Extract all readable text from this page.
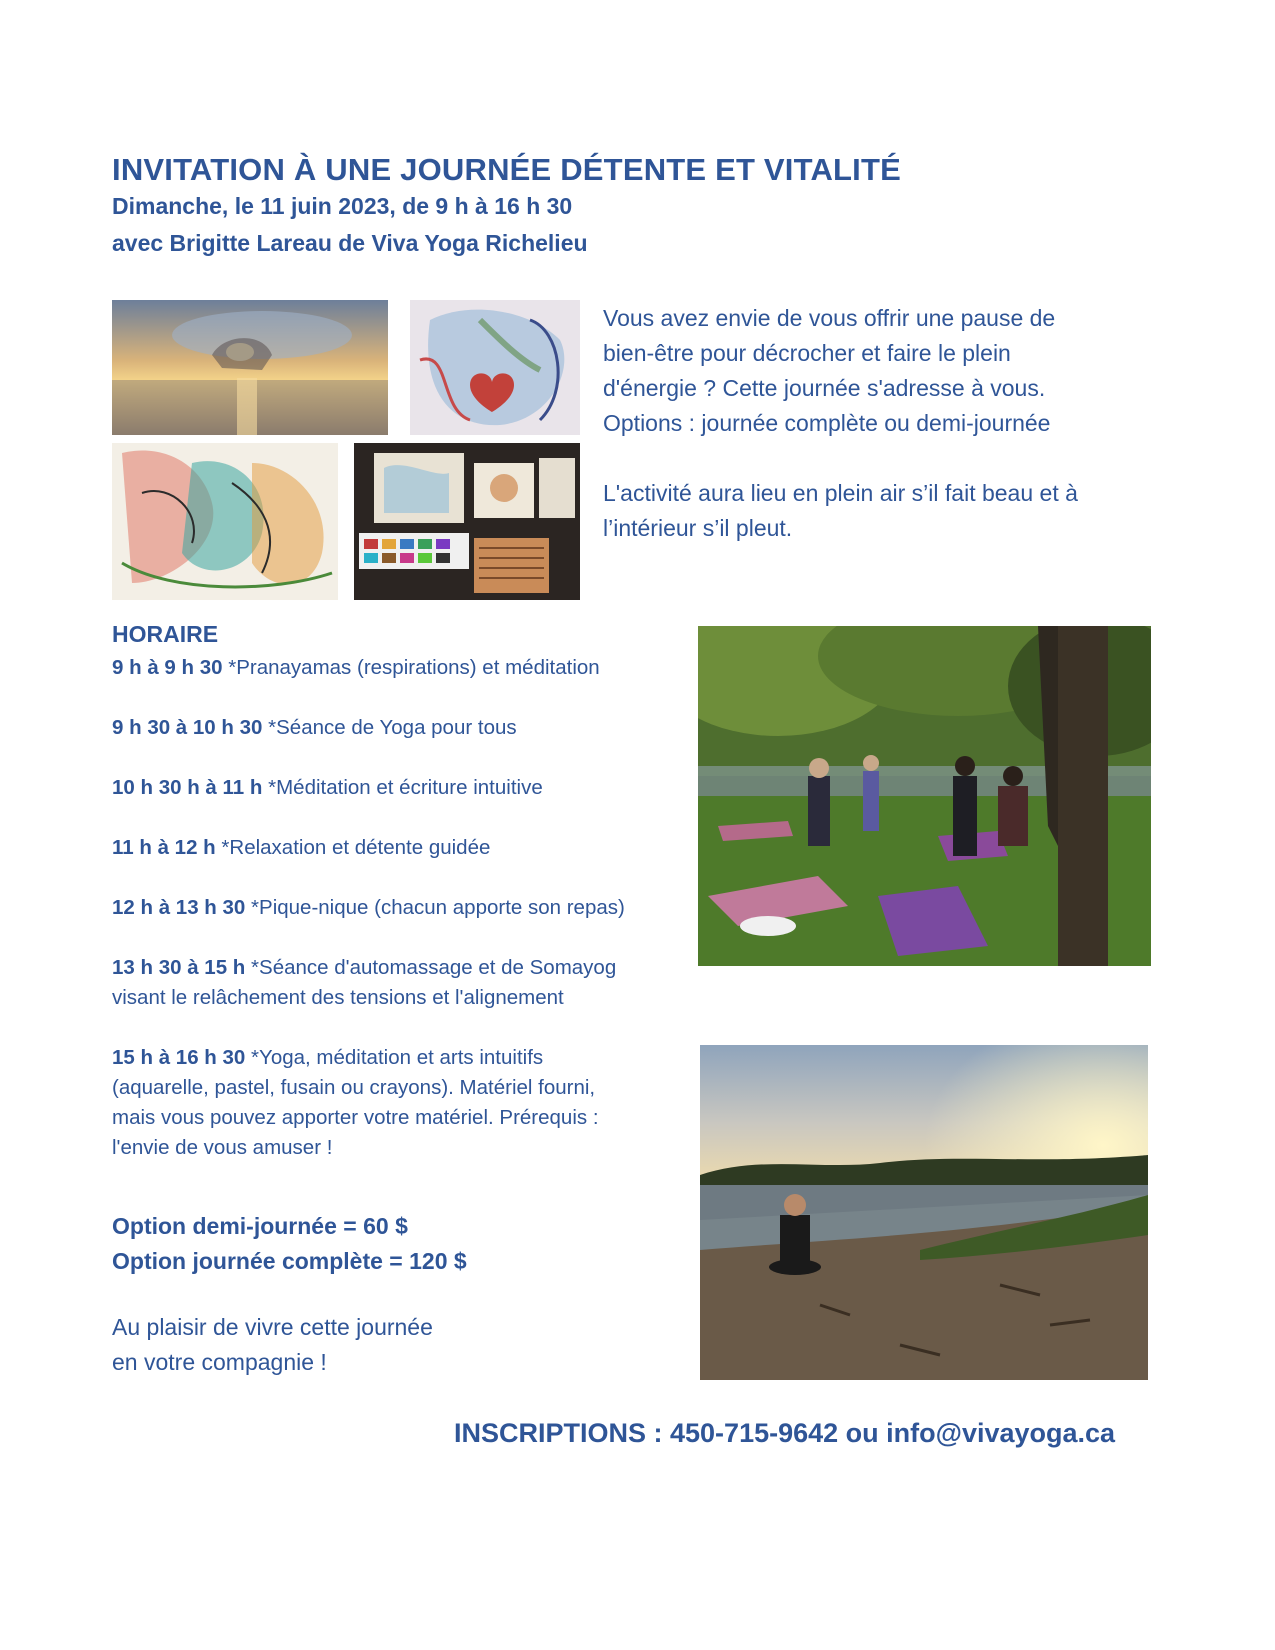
INVITATION À UNE JOURNÉE DÉTENTE ET VITALITÉ
Dimanche, le 11 juin 2023, de 9 h à 16 h 30
avec Brigitte Lareau de Viva Yoga Richelieu

Vous avez envie de vous offrir une pause de

bien-être pour décrocher et faire le plein

d'énergie ? Cette journée s'adresse à vous.

Options : journée complète ou demi-journée

L'activité aura lieu en plein air s’il fait beau et à

l’intérieur s’il pleut.

HORAIRE
9 h à 9 h 30 *Pranayamas (respirations) et méditation
9 h 30 à 10 h 30 *Séance de Yoga pour tous
10 h 30 h à 11 h *Méditation et écriture intuitive
11 h à 12 h *Relaxation et détente guidée
12 h à 13 h 30 *Pique-nique (chacun apporte son repas)
13 h 30 à 15 h *Séance d'automassage et de Somayog
visant le relâchement des tensions et l'alignement
15 h à 16 h 30 *Yoga, méditation et arts intuitifs
(aquarelle, pastel, fusain ou crayons). Matériel fourni,
mais vous pouvez apporter votre matériel. Prérequis :
l'envie de vous amuser !
Option demi-journée = 60 $
Option journée complète = 120 $
Au plaisir de vivre cette journée
en votre compagnie !
INSCRIPTIONS : 450-715-9642 ou info@vivayoga.ca
